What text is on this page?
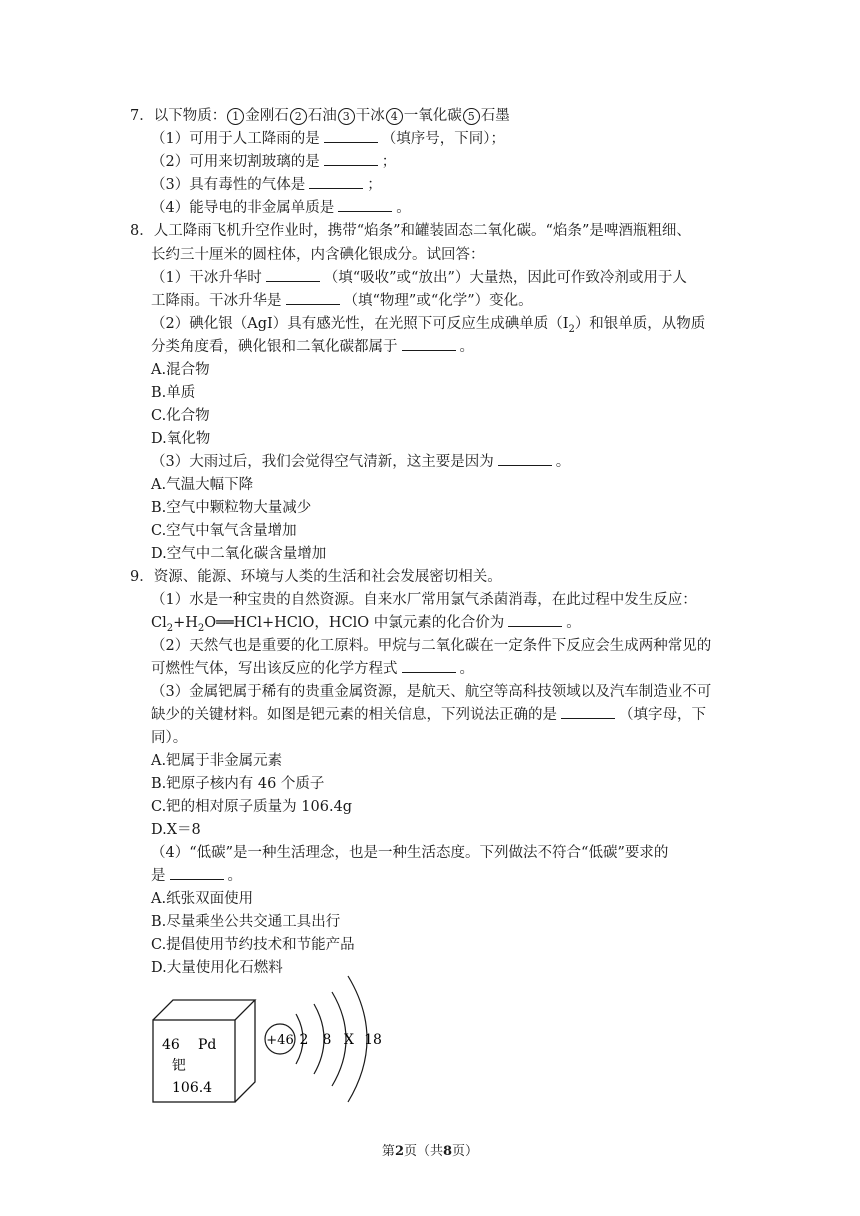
7．以下物质： 1 金刚石 2 石油 3 干冰 4 一氧化碳 5 石墨
（1）可用于人工降雨的是	（填序号，下同）；
（2）可用来切割玻璃的是	；
（3）具有毒性的气体是	；
（4）能导电的非金属单质是	。
8．人工降雨飞机升空作业时，携带“焰条”和罐装固态二氧化碳。“焰条”是啤酒瓶粗细、
长约三十厘米的圆柱体，内含碘化银成分。试回答：
（1）干冰升华时	（填“吸收”或“放出”）大量热，因此可作致冷剂或用于人
工降雨。干冰升华是	（填“物理”或“化学”）变化。
（2）碘化银（AgI）具有感光性，在光照下可反应生成碘单质$(I_2)$和银单质，从物质
分类角度看，碘化银和二氧化碳都属于	。
A.混合物
B.单质
C.化合物
D.氧化物
（3）大雨过后，我们会觉得空气清新，这主要是因为	。
A.气温大幅下降
B.空气中颗粒物大量减少
C.空气中氧气含量增加
D.空气中二氧化碳含量增加
9．资源、能源、环境与人类的生活和社会发展密切相关。
（1）水是一种宝贵的自然资源。自来水厂常用氯气杀菌消毒，在此过程中发生反应：
$Cl_2+H_2O══HCl+HClO$，HClO 中氯元素的化合价为	。
（2）天然气也是重要的化工原料。甲烷与二氧化碳在一定条件下反应会生成两种常见的
可燃性气体，写出该反应的化学方程式	。
（3）金属钯属于稀有的贵重金属资源，是航天、航空等高科技领域以及汽车制造业不可
缺少的关键材料。如图是钯元素的相关信息，下列说法正确的是	（填字母，下
同）。
A.钯属于非金属元素
B.钯原子核内有 46 个质子
C.钯的相对原子质量为 106.4g
D.X＝8
（4）“低碳”是一种生活理念，也是一种生活态度。下列做法不符合“低碳”要求的
是	。
A.纸张双面使用
B.尽量乘坐公共交通工具出行
C.提倡使用节约技术和节能产品
D.大量使用化石燃料
46 Pd
钯
106.4
+46 2 8 X 18
第2页（共8页）
